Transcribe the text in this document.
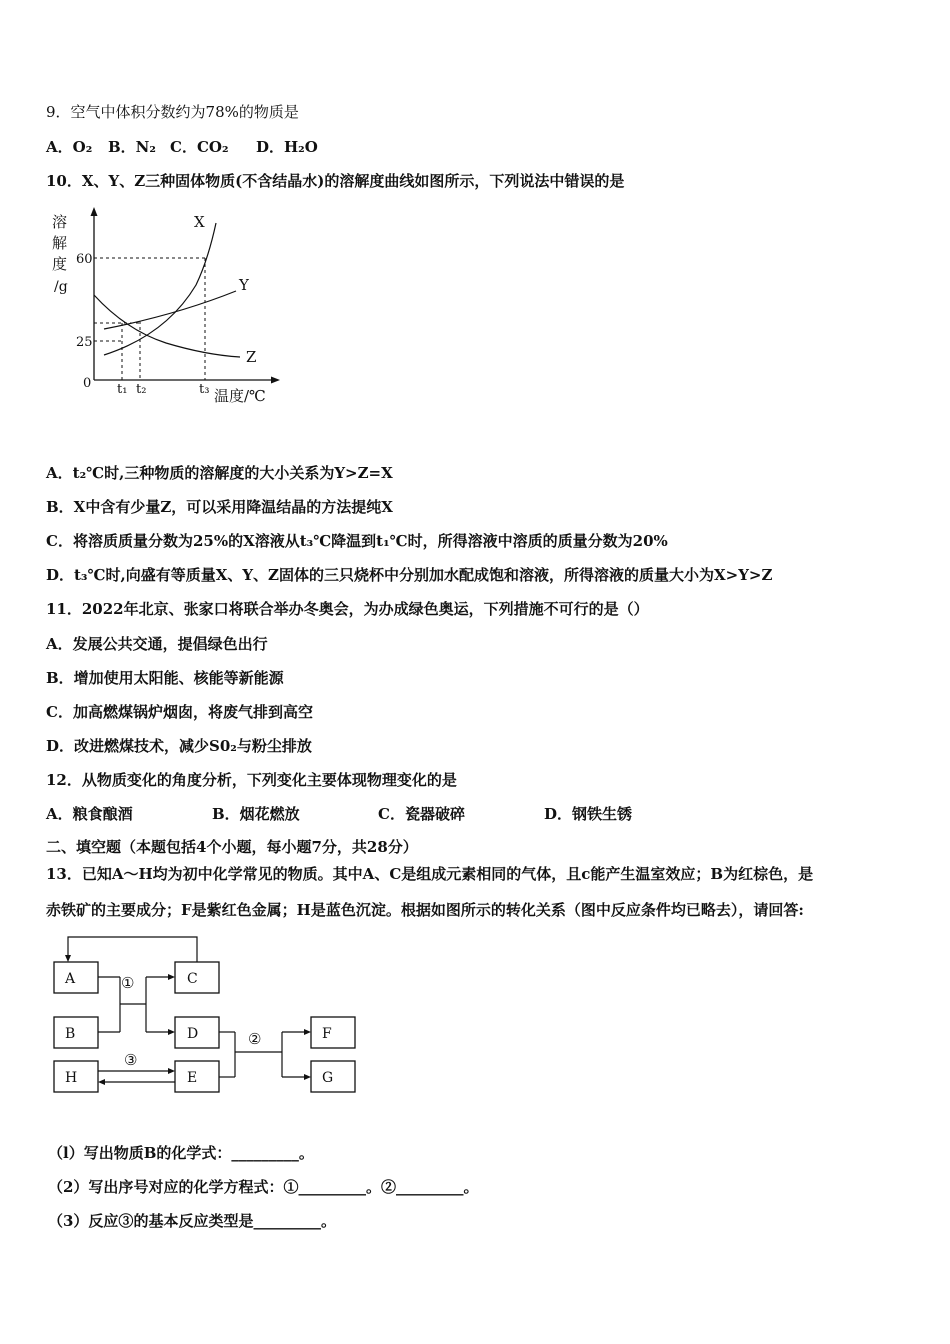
9．空气中体积分数约为78%的物质是
A．O₂ B．N₂ C．CO₂ D．H₂O
10．X、Y、Z三种固体物质(不含结晶水)的溶解度曲线如图所示，下列说法中错误的是
溶
解
度
/g
60
25
0 t₁ t₂	t₃ 温度/℃
X
Y
Z
A．t₂℃时,三种物质的溶解度的大小关系为Y>Z=X
B．X中含有少量Z，可以采用降温结晶的方法提纯X
C．将溶质质量分数为25%的X溶液从t₃℃降温到t₁℃时，所得溶液中溶质的质量分数为20%
D．t₃℃时,向盛有等质量X、Y、Z固体的三只烧杯中分别加水配成饱和溶液，所得溶液的质量大小为X>Y>Z
11．2022年北京、张家口将联合举办冬奥会，为办成绿色奥运，下列措施不可行的是（）
A．发展公共交通，提倡绿色出行
B．增加使用太阳能、核能等新能源
C．加高燃煤锅炉烟囱，将废气排到高空
D．改进燃煤技术，减少S0₂与粉尘排放
12．从物质变化的角度分析，下列变化主要体现物理变化的是
A．粮食酿酒	B．烟花燃放	C．瓷器破碎	D．钢铁生锈
二、填空题（本题包括4个小题，每小题7分，共28分）
13．已知A～H均为初中化学常见的物质。其中A、C是组成元素相同的气体，且c能产生温室效应；B为红棕色，是
赤铁矿的主要成分；F是紫红色金属；H是蓝色沉淀。根据如图所示的转化关系（图中反应条件均已略去），请回答:
A
B
C
D
H	E
F
G
①
②
③
（l）写出物质B的化学式：_________。
（2）写出序号对应的化学方程式：①_________。②_________。
（3）反应③的基本反应类型是_________。
